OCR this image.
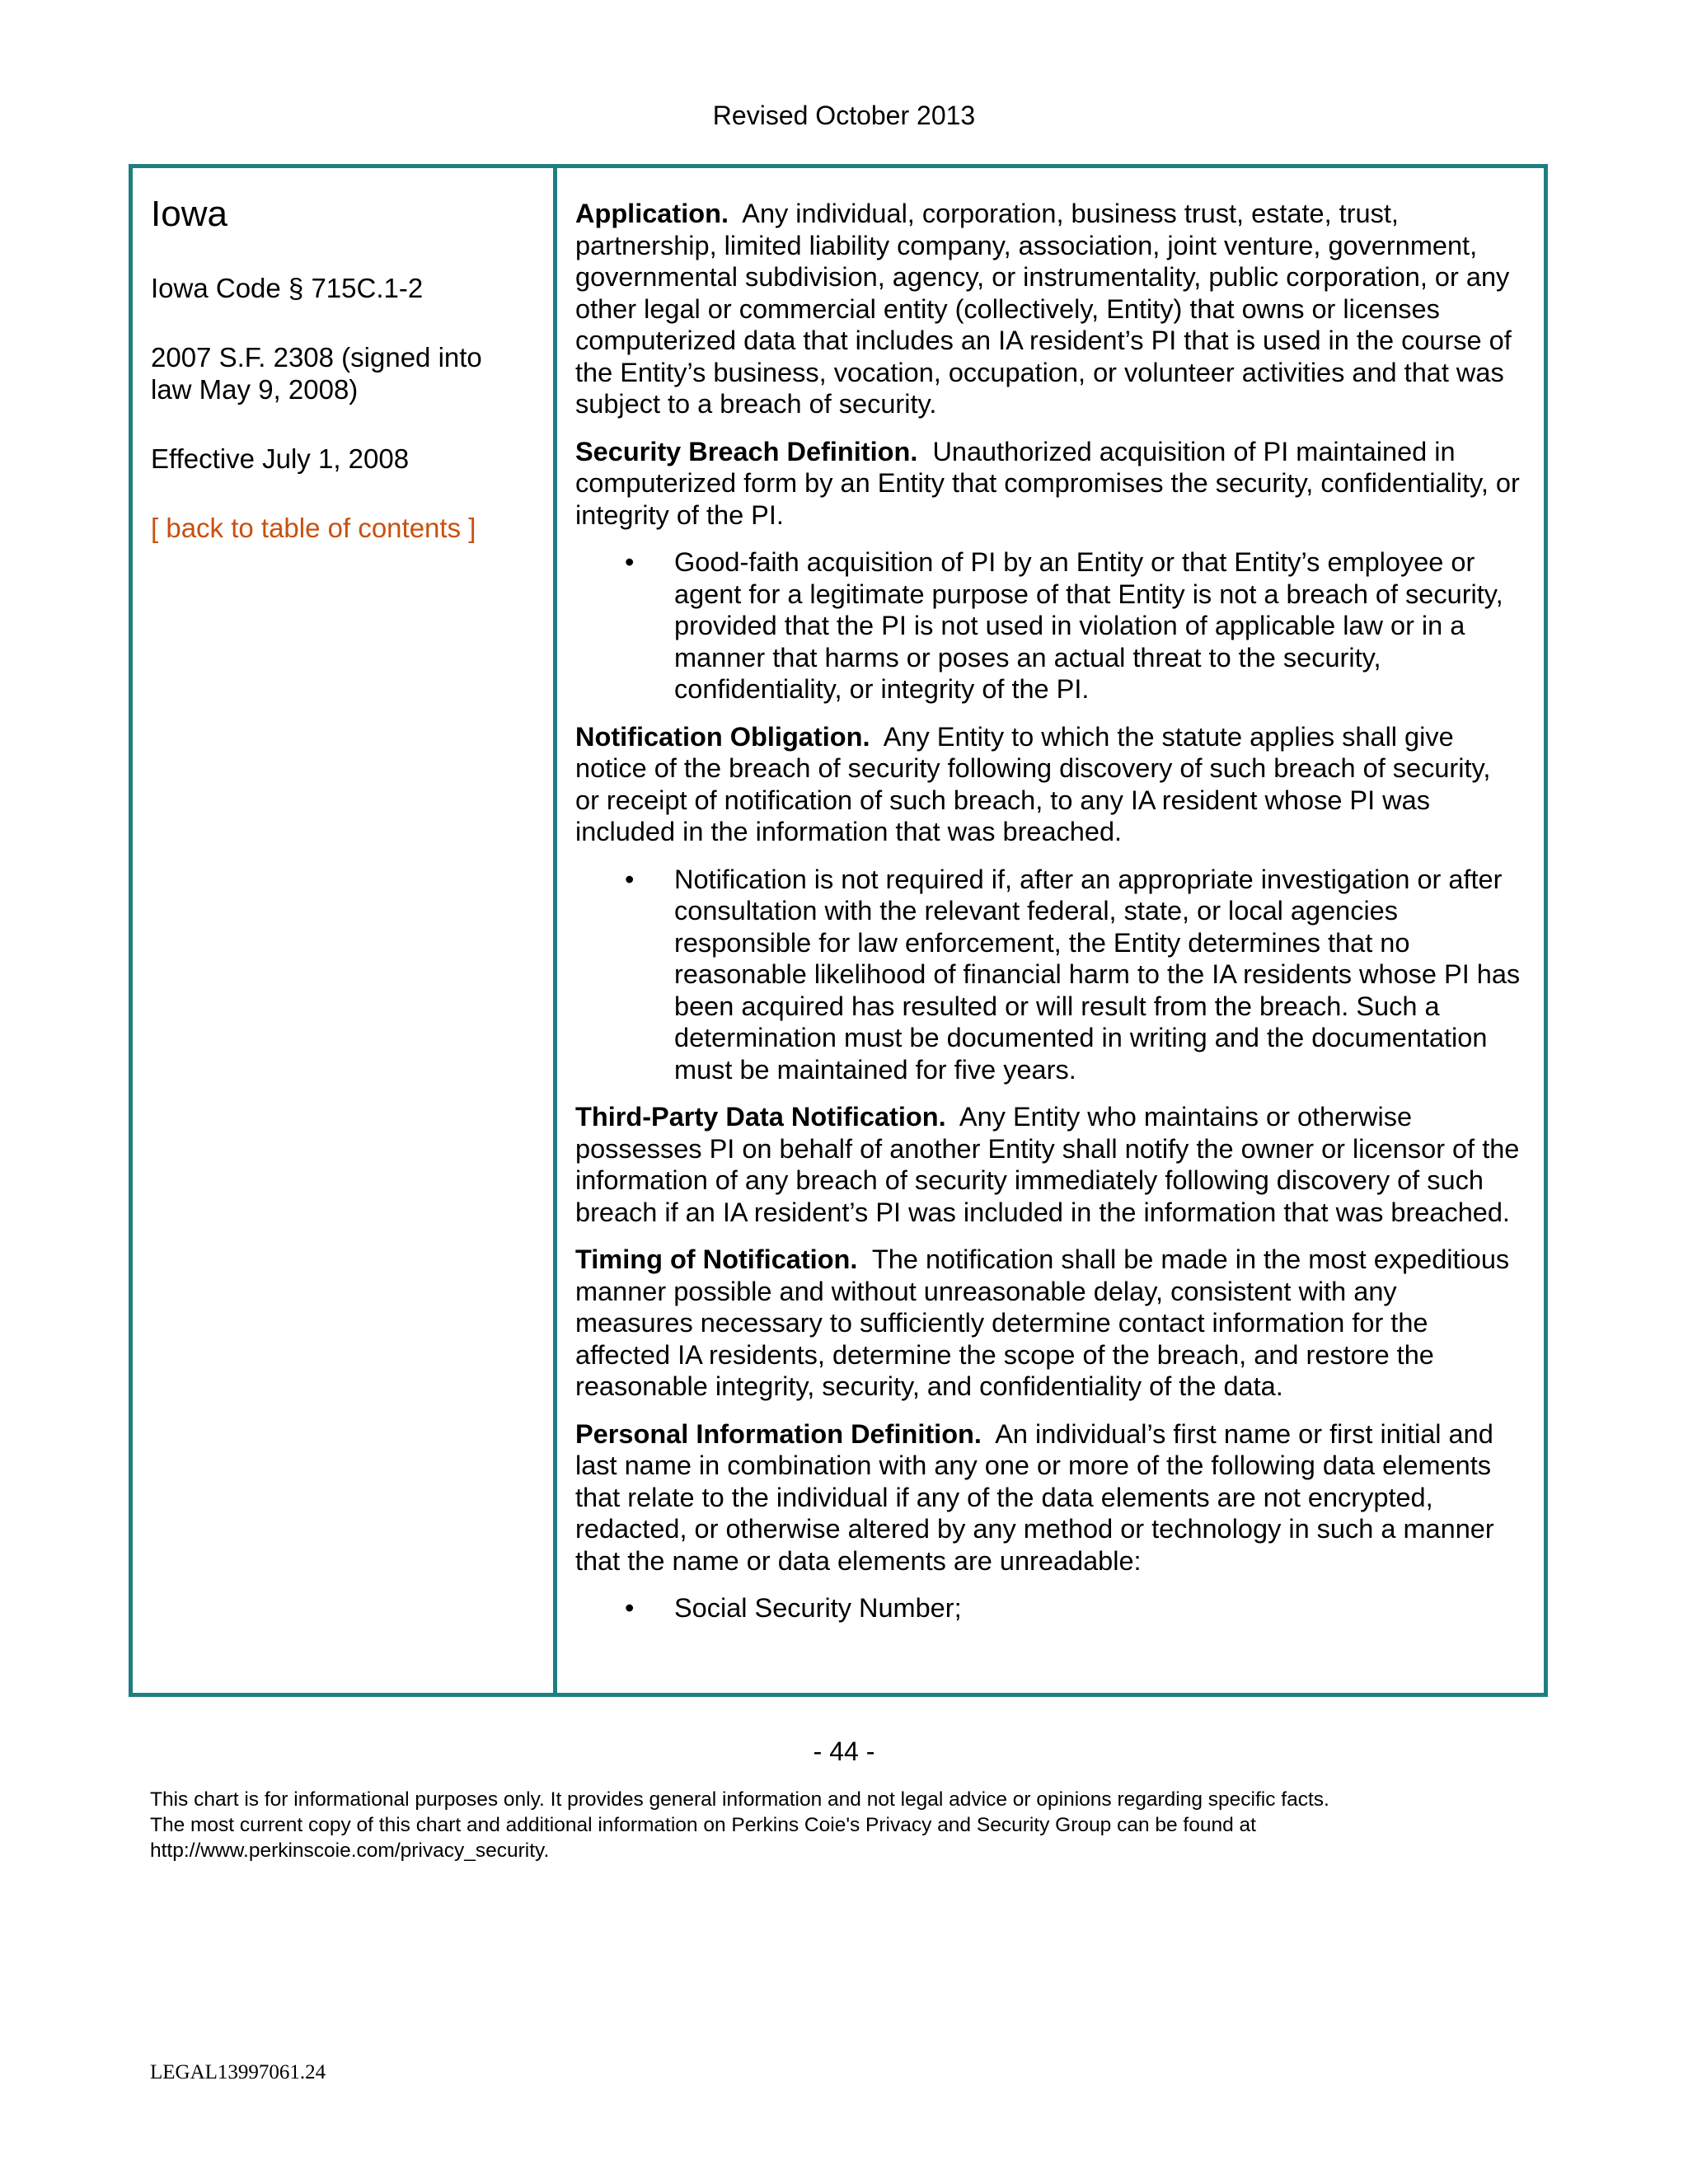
Revised October 2013
Iowa

Iowa Code § 715C.1-2

2007 S.F. 2308 (signed into law May 9, 2008)

Effective July 1, 2008

[ back to table of contents ]

Application. Any individual, corporation, business trust, estate, trust, partnership, limited liability company, association, joint venture, government, governmental subdivision, agency, or instrumentality, public corporation, or any other legal or commercial entity (collectively, Entity) that owns or licenses computerized data that includes an IA resident’s PI that is used in the course of the Entity’s business, vocation, occupation, or volunteer activities and that was subject to a breach of security.

Security Breach Definition. Unauthorized acquisition of PI maintained in computerized form by an Entity that compromises the security, confidentiality, or integrity of the PI.

• Good-faith acquisition of PI by an Entity or that Entity’s employee or agent for a legitimate purpose of that Entity is not a breach of security, provided that the PI is not used in violation of applicable law or in a manner that harms or poses an actual threat to the security, confidentiality, or integrity of the PI.

Notification Obligation. Any Entity to which the statute applies shall give notice of the breach of security following discovery of such breach of security, or receipt of notification of such breach, to any IA resident whose PI was included in the information that was breached.

• Notification is not required if, after an appropriate investigation or after consultation with the relevant federal, state, or local agencies responsible for law enforcement, the Entity determines that no reasonable likelihood of financial harm to the IA residents whose PI has been acquired has resulted or will result from the breach. Such a determination must be documented in writing and the documentation must be maintained for five years.

Third-Party Data Notification. Any Entity who maintains or otherwise possesses PI on behalf of another Entity shall notify the owner or licensor of the information of any breach of security immediately following discovery of such breach if an IA resident’s PI was included in the information that was breached.

Timing of Notification. The notification shall be made in the most expeditious manner possible and without unreasonable delay, consistent with any measures necessary to sufficiently determine contact information for the affected IA residents, determine the scope of the breach, and restore the reasonable integrity, security, and confidentiality of the data.

Personal Information Definition. An individual’s first name or first initial and last name in combination with any one or more of the following data elements that relate to the individual if any of the data elements are not encrypted, redacted, or otherwise altered by any method or technology in such a manner that the name or data elements are unreadable:

• Social Security Number;
- 44 -
This chart is for informational purposes only. It provides general information and not legal advice or opinions regarding specific facts.
The most current copy of this chart and additional information on Perkins Coie's Privacy and Security Group can be found at
http://www.perkinscoie.com/privacy_security.
LEGAL13997061.24
